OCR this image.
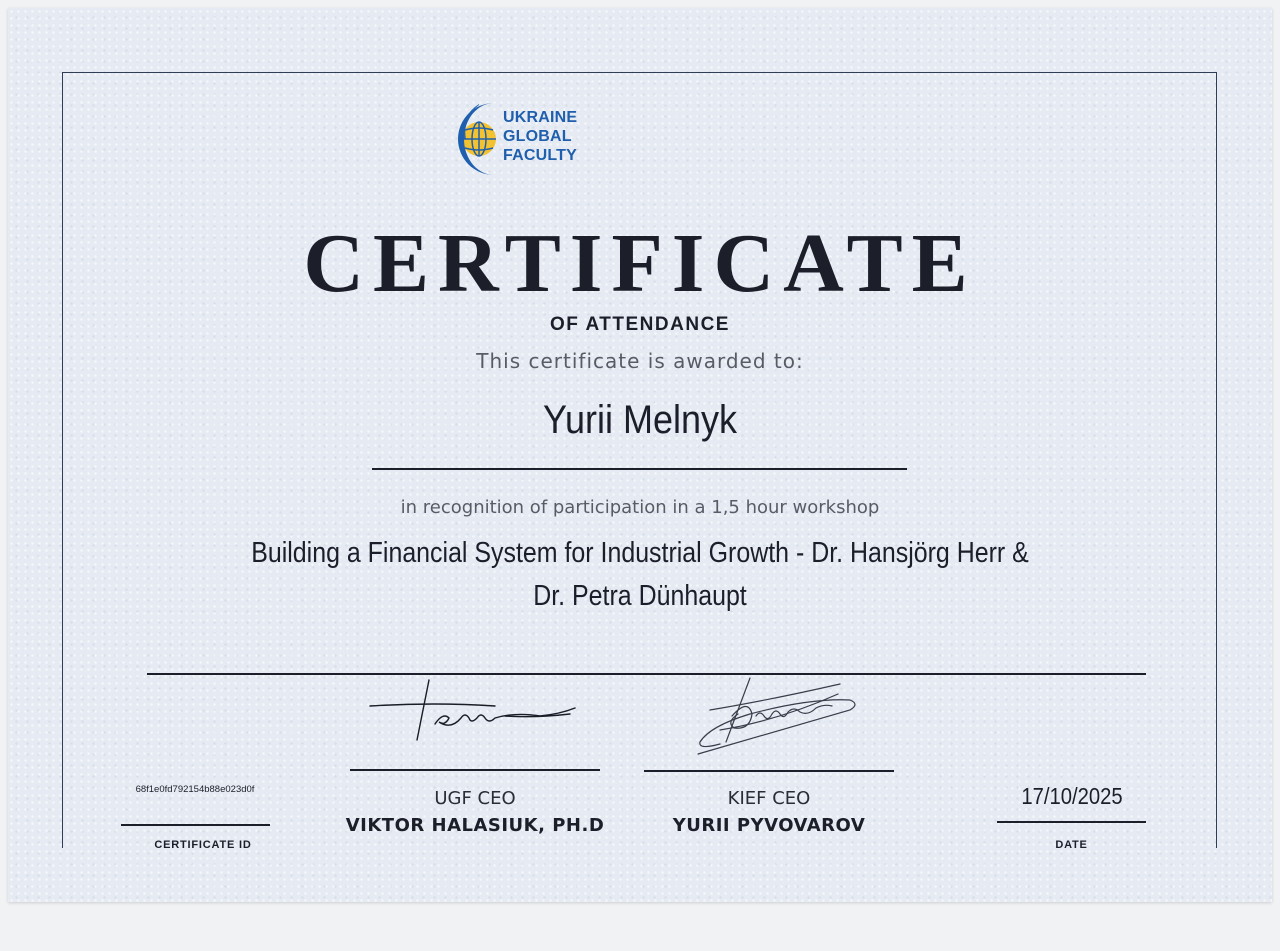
UKRAINE
GLOBAL
FACULTY
CERTIFICATE
OF ATTENDANCE
This certificate is awarded to:
Yurii Melnyk
in recognition of participation in a 1,5 hour workshop
Building a Financial System for Industrial Growth - Dr. Hansjörg Herr &
Dr. Petra Dünhaupt
UGF CEO
VIKTOR HALASIUK, PH.D
KIEF CEO
YURII PYVOVAROV
68f1e0fd792154b88e023d0f
CERTIFICATE ID
17/10/2025
DATE
